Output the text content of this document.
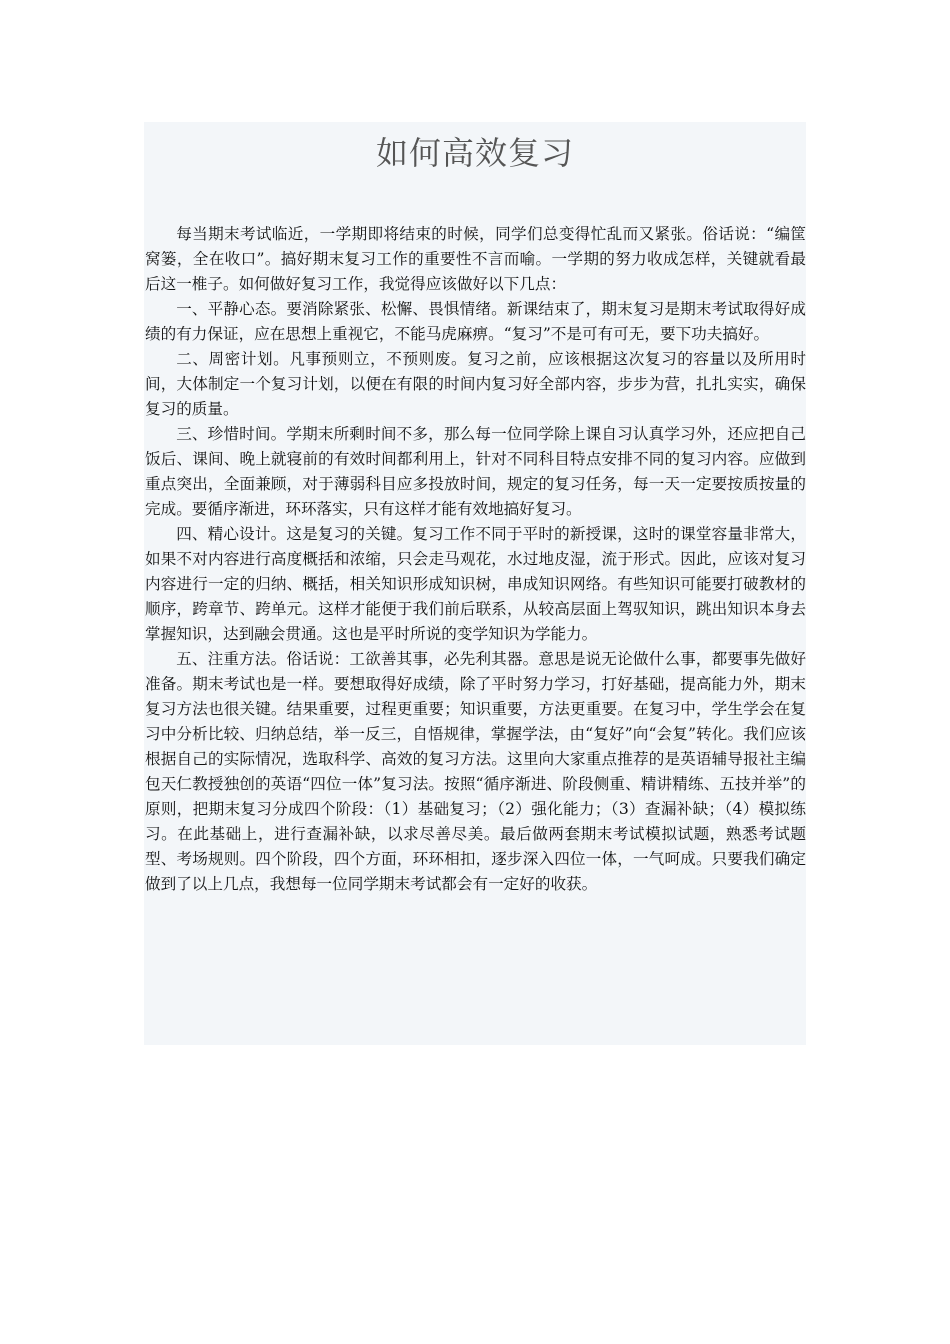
如何高效复习

每当期末考试临近，一学期即将结束的时候，同学们总变得忙乱而又紧张。俗话说：“编筐窝篓，全在收口”。搞好期末复习工作的重要性不言而喻。一学期的努力收成怎样，关键就看最后这一椎子。如何做好复习工作，我觉得应该做好以下几点：

一、平静心态。要消除紧张、松懈、畏惧情绪。新课结束了，期末复习是期末考试取得好成绩的有力保证，应在思想上重视它，不能马虎麻痹。“复习”不是可有可无，要下功夫搞好。

二、周密计划。凡事预则立，不预则废。复习之前，应该根据这次复习的容量以及所用时间，大体制定一个复习计划，以便在有限的时间内复习好全部内容，步步为营，扎扎实实，确保复习的质量。

三、珍惜时间。学期末所剩时间不多，那么每一位同学除上课自习认真学习外，还应把自己饭后、课间、晚上就寝前的有效时间都利用上，针对不同科目特点安排不同的复习内容。应做到重点突出，全面兼顾，对于薄弱科目应多投放时间，规定的复习任务，每一天一定要按质按量的完成。要循序渐进，环环落实，只有这样才能有效地搞好复习。

四、精心设计。这是复习的关键。复习工作不同于平时的新授课，这时的课堂容量非常大，如果不对内容进行高度概括和浓缩，只会走马观花，水过地皮湿，流于形式。因此，应该对复习内容进行一定的归纳、概括，相关知识形成知识树，串成知识网络。有些知识可能要打破教材的顺序，跨章节、跨单元。这样才能便于我们前后联系，从较高层面上驾驭知识，跳出知识本身去掌握知识，达到融会贯通。这也是平时所说的变学知识为学能力。

五、注重方法。俗话说：工欲善其事，必先利其器。意思是说无论做什么事，都要事先做好准备。期末考试也是一样。要想取得好成绩，除了平时努力学习，打好基础，提高能力外，期末复习方法也很关键。结果重要，过程更重要；知识重要，方法更重要。在复习中，学生学会在复习中分析比较、归纳总结，举一反三，自悟规律，掌握学法，由“复好”向“会复”转化。我们应该根据自己的实际情况，选取科学、高效的复习方法。这里向大家重点推荐的是英语辅导报社主编包天仁教授独创的英语“四位一体”复习法。按照“循序渐进、阶段侧重、精讲精练、五技并举”的原则，把期末复习分成四个阶段：（1）基础复习；（2）强化能力；（3）查漏补缺；（4）模拟练习。在此基础上，进行查漏补缺，以求尽善尽美。最后做两套期末考试模拟试题，熟悉考试题型、考场规则。四个阶段，四个方面，环环相扣，逐步深入四位一体，一气呵成。只要我们确定做到了以上几点，我想每一位同学期末考试都会有一定好的收获。
